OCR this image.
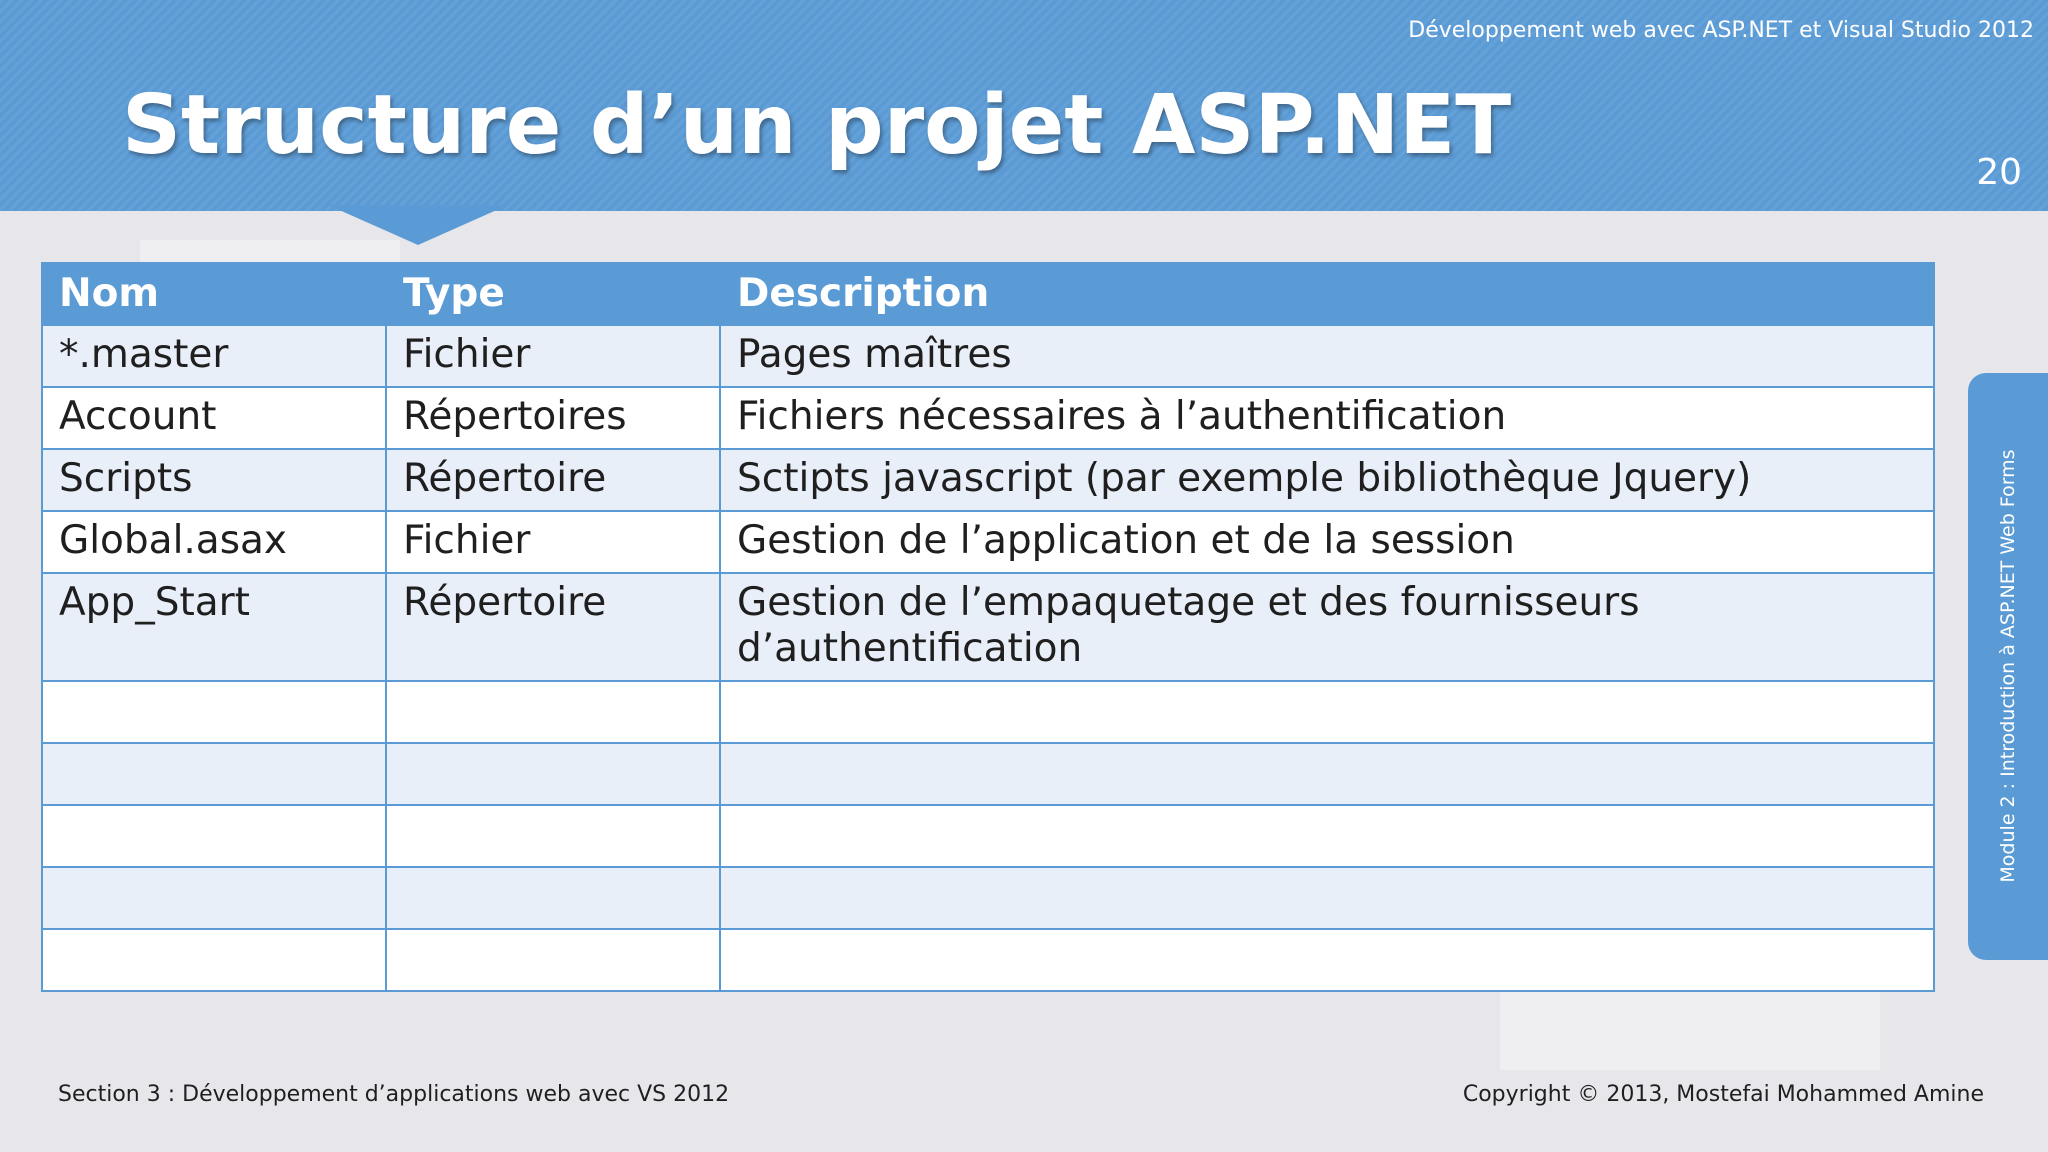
Développement web avec ASP.NET et Visual Studio 2012
Structure d’un projet ASP.NET	20
Module 2 : Introduction à ASP.NET Web Forms
Nom	Type	Description
*.master	Fichier	Pages maîtres
Account	Répertoires	Fichiers nécessaires à l’authentification
Scripts	Répertoire	Sctipts javascript (par exemple bibliothèque Jquery)
Global.asax	Fichier	Gestion de l’application et de la session
App_Start	Répertoire	Gestion de l’empaquetage et des fournisseurs d’authentification

Section 3 : Développement d’applications web avec VS 2012	Copyright © 2013, Mostefai Mohammed Amine
